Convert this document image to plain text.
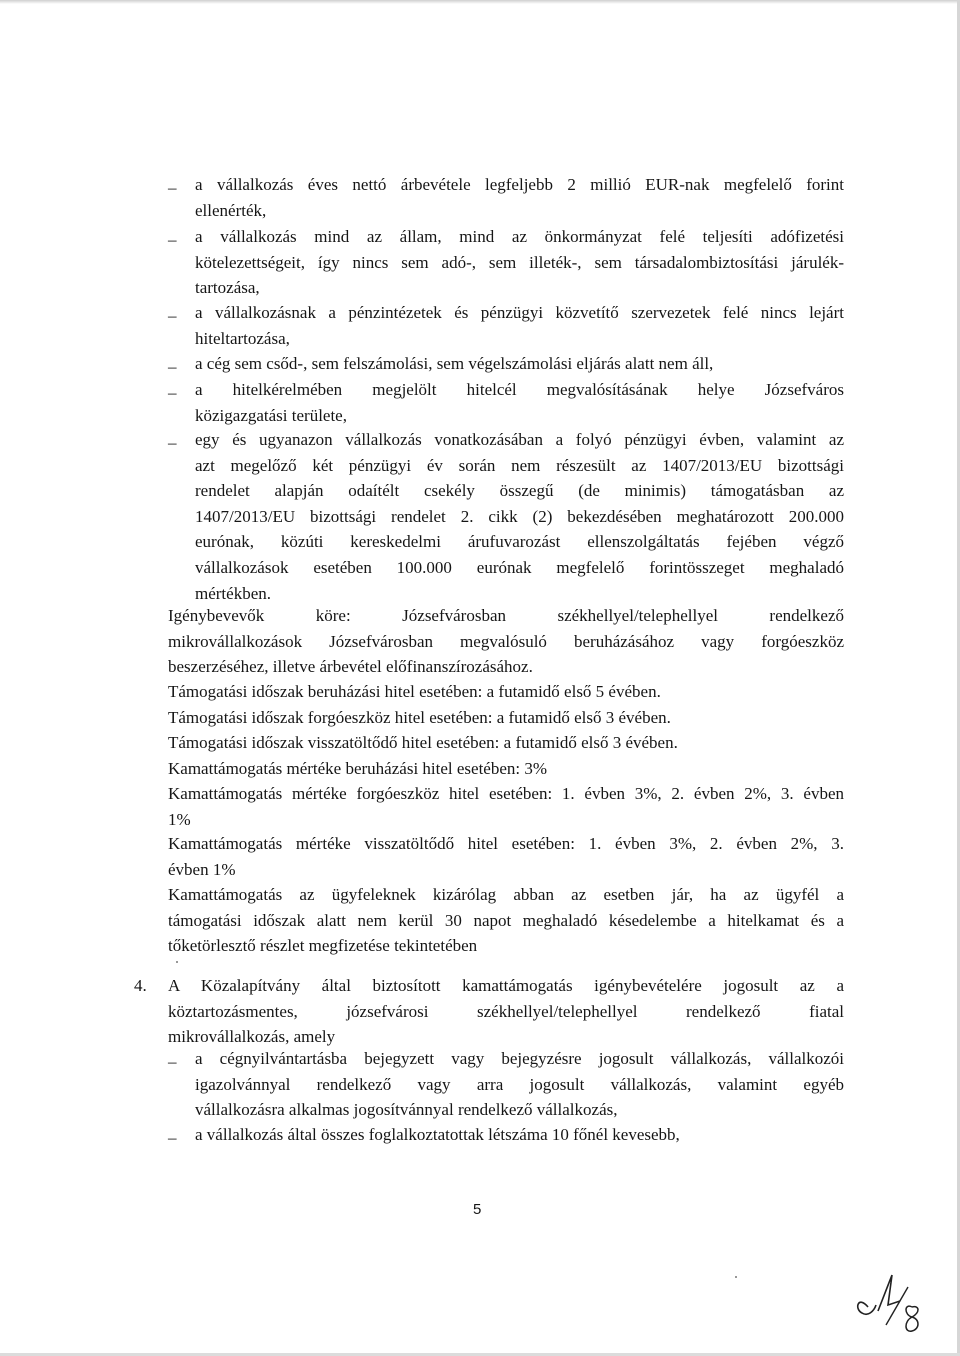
– a vállalkozás éves nettó árbevétele legfeljebb 2 millió EUR-nak megfelelő forint
ellenérték,
– a vállalkozás mind az állam, mind az önkormányzat felé teljesíti adófizetési
kötelezettségeit, így nincs sem adó-, sem illeték-, sem társadalombiztosítási járulék-
tartozása,
– a vállalkozásnak a pénzintézetek és pénzügyi közvetítő szervezetek felé nincs lejárt
hiteltartozása,
– a cég sem csőd-, sem felszámolási, sem végelszámolási eljárás alatt nem áll,
– a hitelkérelmében megjelölt hitelcél megvalósításának helye Józsefváros
közigazgatási területe,
– egy és ugyanazon vállalkozás vonatkozásában a folyó pénzügyi évben, valamint az
azt megelőző két pénzügyi év során nem részesült az 1407/2013/EU bizottsági
rendelet alapján odaítélt csekély összegű (de minimis) támogatásban az
1407/2013/EU bizottsági rendelet 2. cikk (2) bekezdésében meghatározott 200.000
eurónak, közúti kereskedelmi árufuvarozást ellenszolgáltatás fejében végző
vállalkozások esetében 100.000 eurónak megfelelő forintösszeget meghaladó
mértékben.
Igénybevevők köre: Józsefvárosban székhellyel/telephellyel rendelkező
mikrovállalkozások Józsefvárosban megvalósuló beruházásához vagy forgóeszköz
beszerzéséhez, illetve árbevétel előfinanszírozásához.
Támogatási időszak beruházási hitel esetében: a futamidő első 5 évében.
Támogatási időszak forgóeszköz hitel esetében: a futamidő első 3 évében.
Támogatási időszak visszatöltődő hitel esetében: a futamidő első 3 évében.
Kamattámogatás mértéke beruházási hitel esetében: 3%
Kamattámogatás mértéke forgóeszköz hitel esetében: 1. évben 3%, 2. évben 2%, 3. évben
1%
Kamattámogatás mértéke visszatöltődő hitel esetében: 1. évben 3%, 2. évben 2%, 3.
évben 1%
Kamattámogatás az ügyfeleknek kizárólag abban az esetben jár, ha az ügyfél a
támogatási időszak alatt nem kerül 30 napot meghaladó késedelembe a hitelkamat és a
tőketörlesztő részlet megfizetése tekintetében
4. A Közalapítvány által biztosított kamattámogatás igénybevételére jogosult az a
köztartozásmentes, józsefvárosi székhellyel/telephellyel rendelkező fiatal
mikrovállalkozás, amely
– a cégnyilvántartásba bejegyzett vagy bejegyzésre jogosult vállalkozás, vállalkozói
igazolvánnyal rendelkező vagy arra jogosult vállalkozás, valamint egyéb
vállalkozásra alkalmas jogosítvánnyal rendelkező vállalkozás,
– a vállalkozás által összes foglalkoztatottak létszáma 10 főnél kevesebb,
5
